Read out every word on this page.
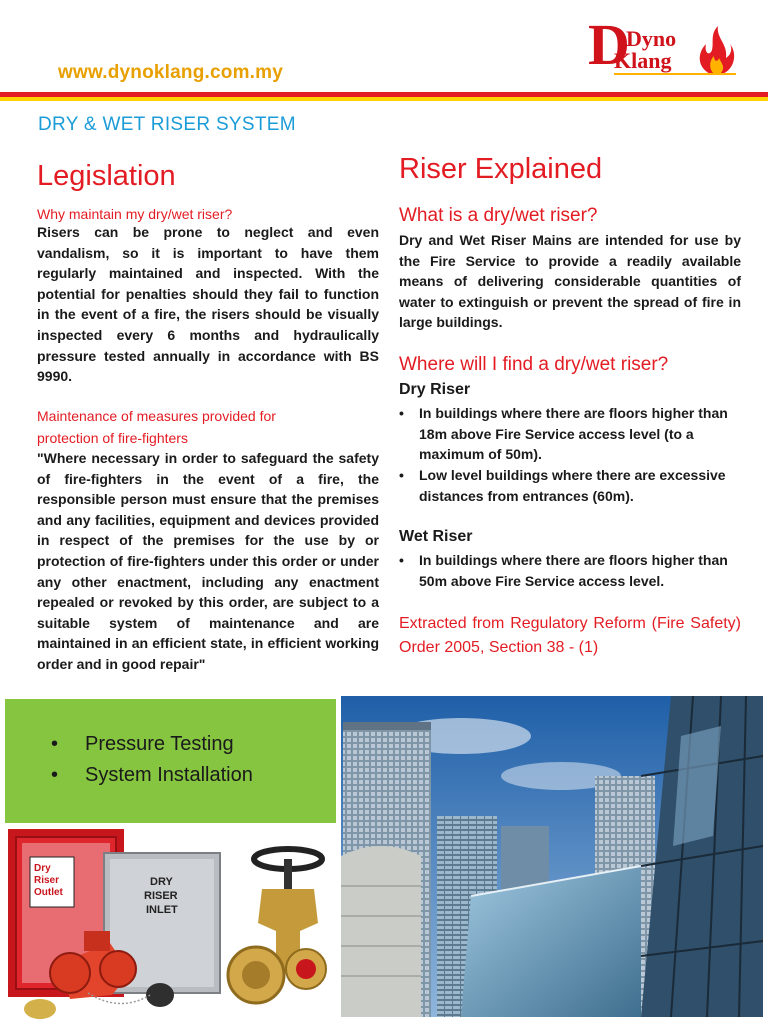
www.dynoklang.com.my	D
Dyno
Klang
DRY & WET RISER SYSTEM
Legislation
Why maintain my dry/wet riser?
Risers can be prone to neglect and even vandalism, so it is important to have them regularly maintained and inspected. With the potential for penalties should they fail to function in the event of a fire, the risers should be visually inspected every 6 months and hydraulically pressure tested annually in accordance with BS 9990.
Maintenance of measures provided for
protection of fire-fighters
"Where necessary in order to safeguard the safety of fire-fighters in the event of a fire, the responsible person must ensure that the premises and any facilities, equipment and devices provided in respect of the premises for the use by or protection of fire-fighters under this order or under any other enactment, including any enactment repealed or revoked by this order, are subject to a suitable system of maintenance and are maintained in an efficient state, in efficient working order and in good repair"
Riser Explained
What is a dry/wet riser?
Dry and Wet Riser Mains are intended for use by the Fire Service to provide a readily available means of delivering considerable quantities of water to extinguish or prevent the spread of fire in large buildings.
Where will I find a dry/wet riser?
Dry Riser
• In buildings where there are floors higher than 18m above Fire Service access level (to a maximum of 50m).
• Low level buildings where there are excessive distances from entrances (60m).
Wet Riser
• In buildings where there are floors higher than 50m above Fire Service access level.
Extracted from Regulatory Reform (Fire Safety) Order 2005, Section 38 - (1)
• Pressure Testing
• System Installation
Dry
Riser
Outlet
DRY
RISER
INLET
